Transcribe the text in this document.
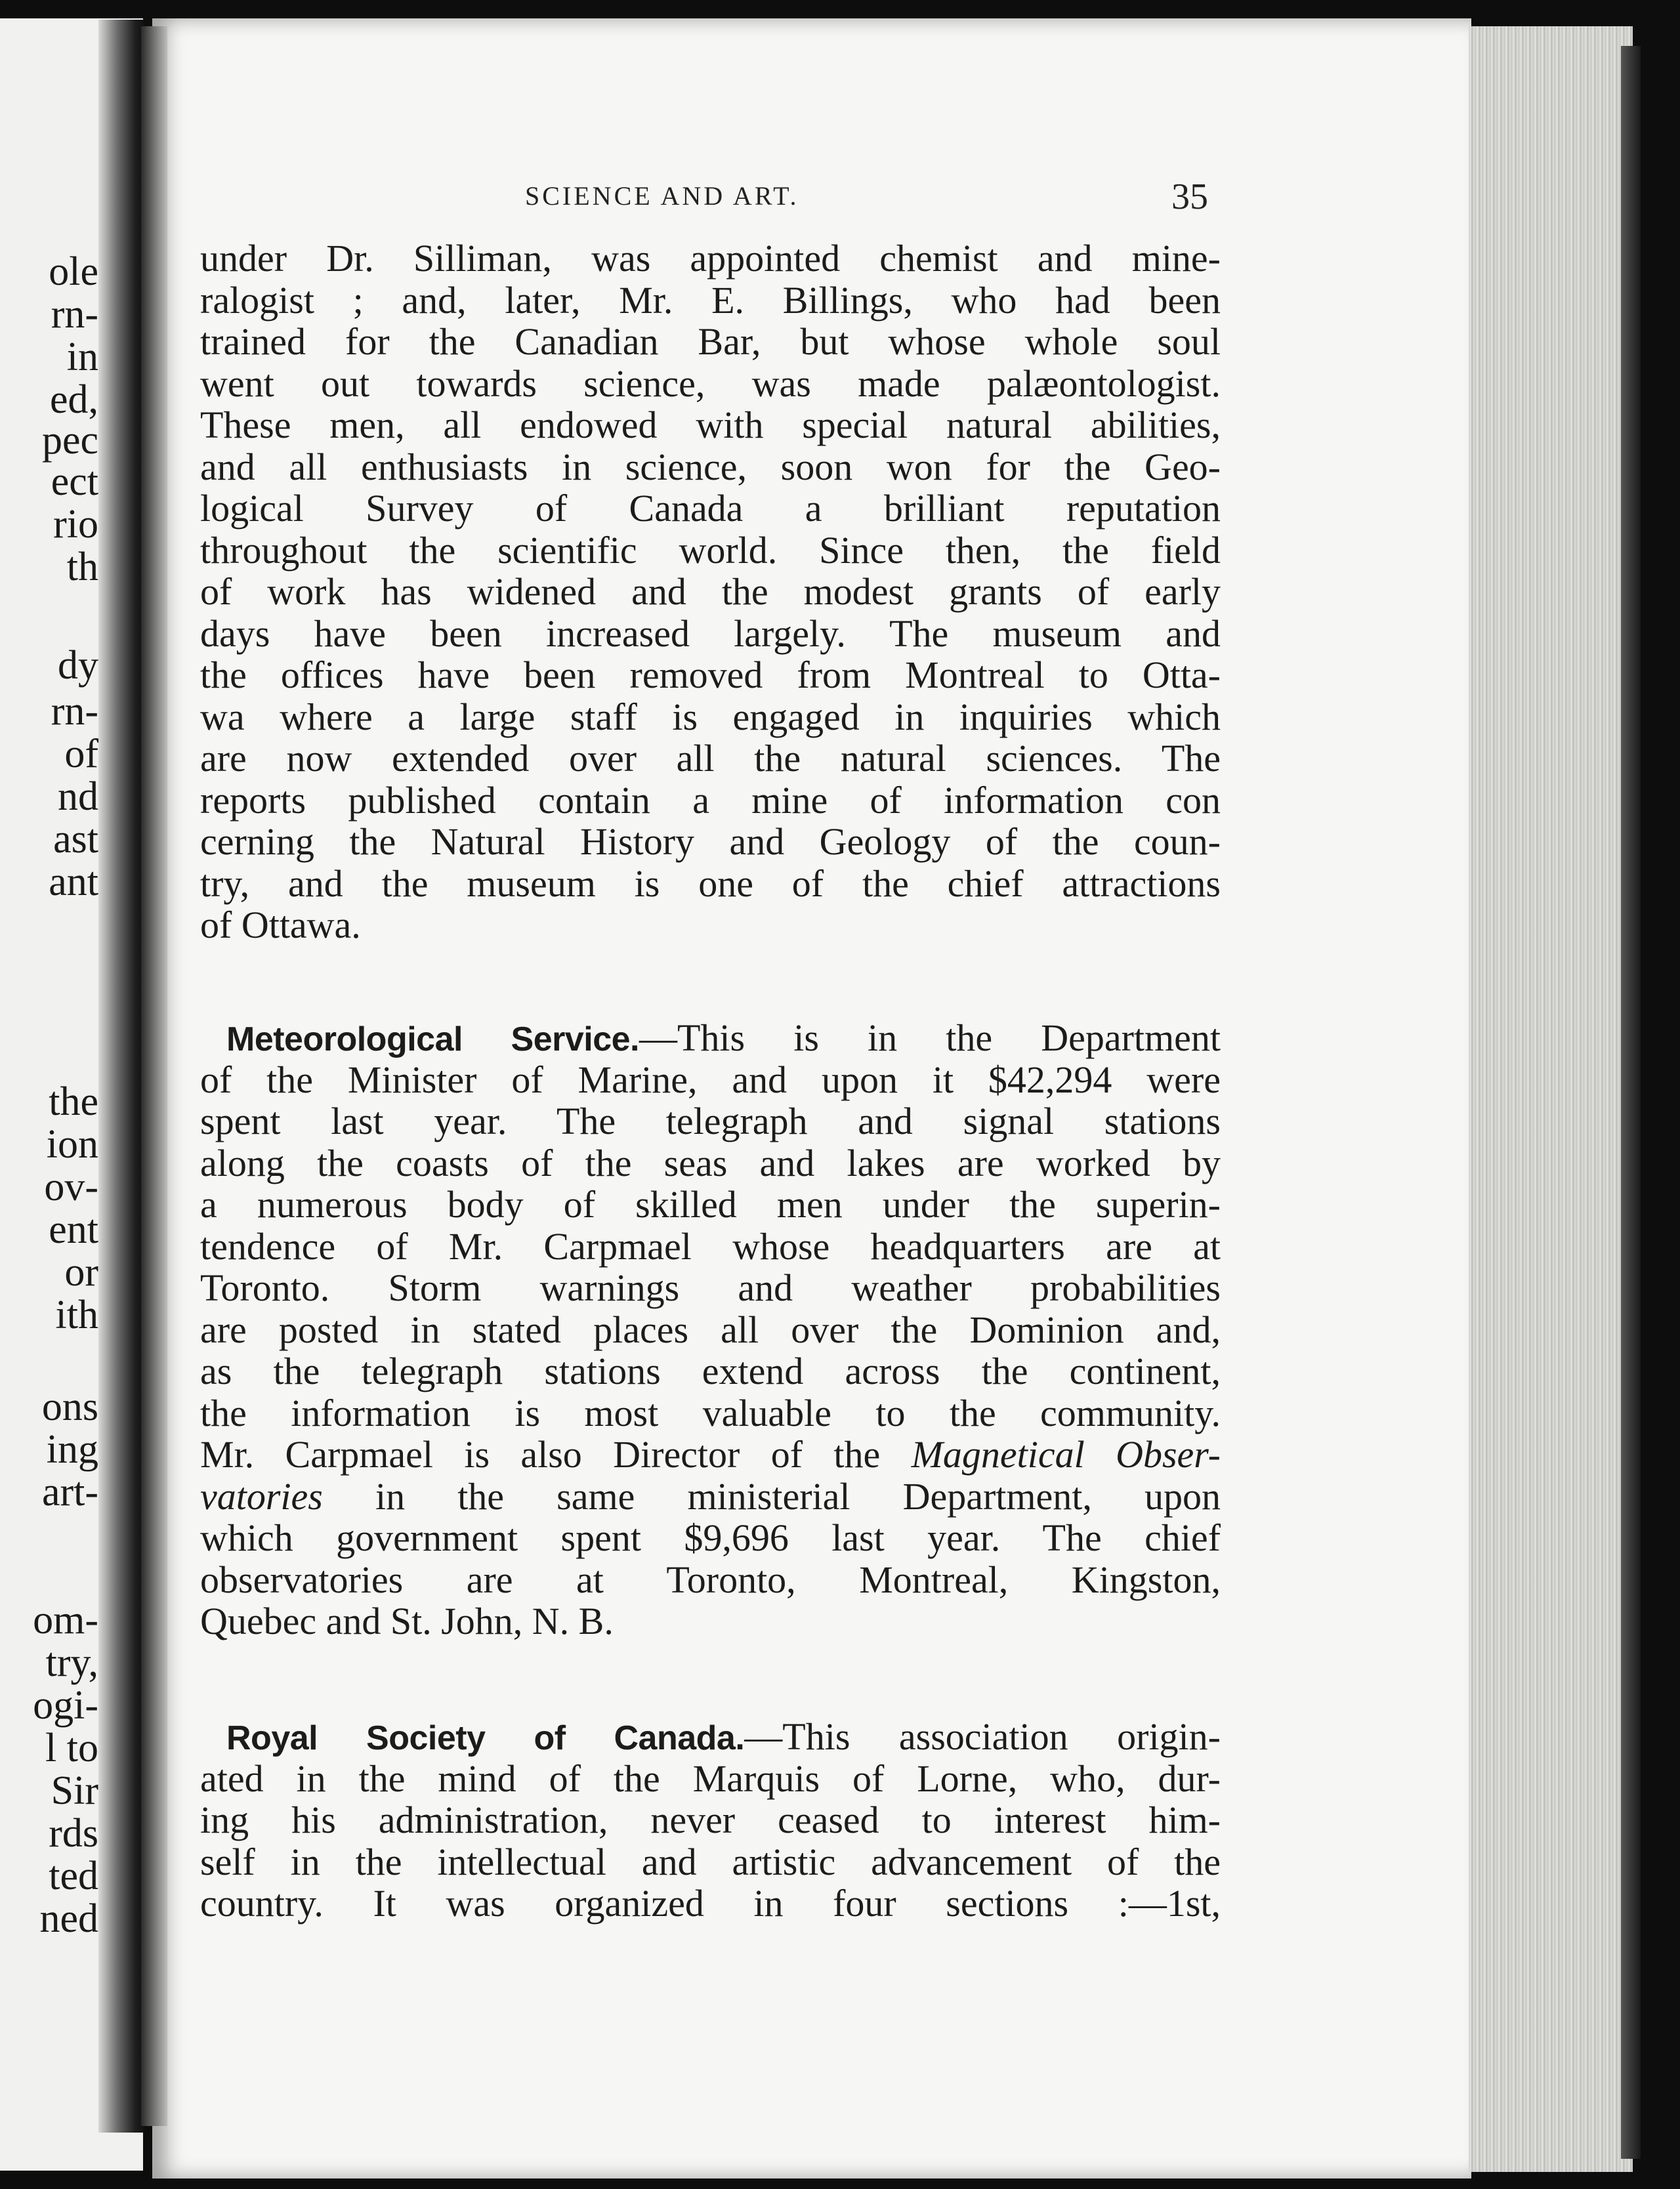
ole
rn-
in
ed,
pec
ect
rio
th
dy
rn-
of
nd
ast
ant
the
ion
ov-
ent
or
ith
ons
ing
art-
om-
try,
ogi-
l to
Sir
rds
ted
ned
SCIENCE AND ART.	35
under Dr. Silliman, was appointed chemist and mine-
ralogist ; and, later, Mr. E. Billings, who had been
trained for the Canadian Bar, but whose whole soul
went out towards science, was made palæontologist.
These men, all endowed with special natural abilities,
and all enthusiasts in science, soon won for the Geo-
logical Survey of Canada a brilliant reputation
throughout the scientific world. Since then, the field
of work has widened and the modest grants of early
days have been increased largely. The museum and
the offices have been removed from Montreal to Otta-
wa where a large staff is engaged in inquiries which
are now extended over all the natural sciences. The
reports published contain a mine of information con
cerning the Natural History and Geology of the coun-
try, and the museum is one of the chief attractions
of Ottawa.
Meteorological Service.—This is in the Department
of the Minister of Marine, and upon it $42,294 were
spent last year. The telegraph and signal stations
along the coasts of the seas and lakes are worked by
a numerous body of skilled men under the superin-
tendence of Mr. Carpmael whose headquarters are at
Toronto. Storm warnings and weather probabilities
are posted in stated places all over the Dominion and,
as the telegraph stations extend across the continent,
the information is most valuable to the community.
Mr. Carpmael is also Director of the Magnetical Obser-
vatories in the same ministerial Department, upon
which government spent $9,696 last year. The chief
observatories are at Toronto, Montreal, Kingston,
Quebec and St. John, N. B.
Royal Society of Canada.—This association origin-
ated in the mind of the Marquis of Lorne, who, dur-
ing his administration, never ceased to interest him-
self in the intellectual and artistic advancement of the
country. It was organized in four sections :—1st,
